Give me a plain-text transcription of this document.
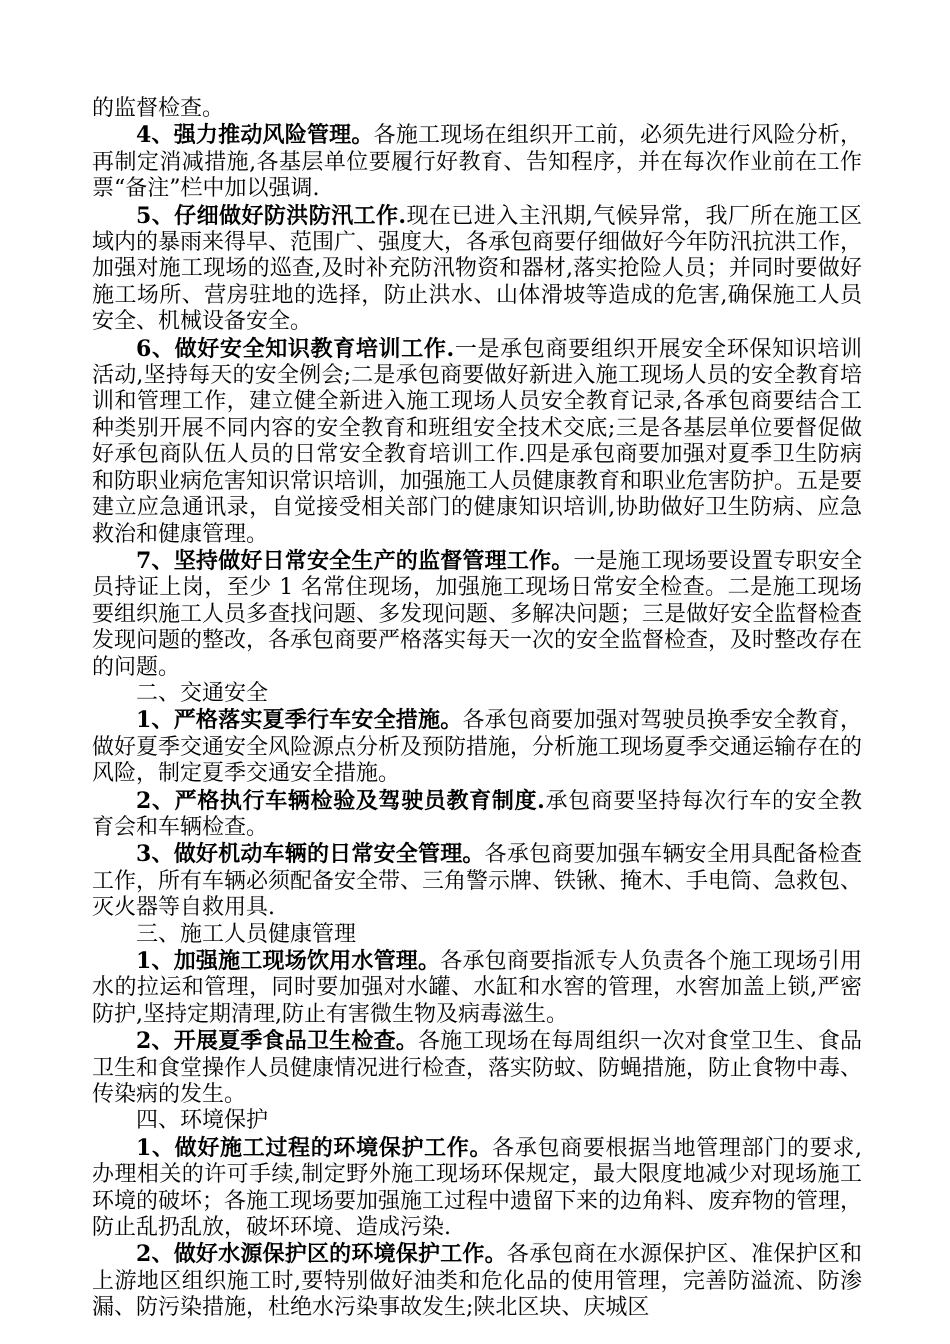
的监督检查。

4、强力推动风险管理。各施工现场在组织开工前，必须先进行风险分析，再制定消减措施,各基层单位要履行好教育、告知程序，并在每次作业前在工作票“备注”栏中加以强调.

5、仔细做好防洪防汛工作.现在已进入主汛期,气候异常，我厂所在施工区域内的暴雨来得早、范围广、强度大，各承包商要仔细做好今年防汛抗洪工作，加强对施工现场的巡查,及时补充防汛物资和器材,落实抢险人员；并同时要做好施工场所、营房驻地的选择，防止洪水、山体滑坡等造成的危害,确保施工人员安全、机械设备安全。

6、做好安全知识教育培训工作.一是承包商要组织开展安全环保知识培训活动,坚持每天的安全例会;二是承包商要做好新进入施工现场人员的安全教育培训和管理工作，建立健全新进入施工现场人员安全教育记录,各承包商要结合工种类别开展不同内容的安全教育和班组安全技术交底;三是各基层单位要督促做好承包商队伍人员的日常安全教育培训工作.四是承包商要加强对夏季卫生防病和防职业病危害知识常识培训，加强施工人员健康教育和职业危害防护。五是要建立应急通讯录，自觉接受相关部门的健康知识培训,协助做好卫生防病、应急救治和健康管理。

7、坚持做好日常安全生产的监督管理工作。一是施工现场要设置专职安全员持证上岗，至少 1 名常住现场，加强施工现场日常安全检查。二是施工现场要组织施工人员多查找问题、多发现问题、多解决问题；三是做好安全监督检查发现问题的整改，各承包商要严格落实每天一次的安全监督检查，及时整改存在的问题。

二、交通安全

1、严格落实夏季行车安全措施。各承包商要加强对驾驶员换季安全教育，做好夏季交通安全风险源点分析及预防措施，分析施工现场夏季交通运输存在的风险，制定夏季交通安全措施。

2、严格执行车辆检验及驾驶员教育制度.承包商要坚持每次行车的安全教育会和车辆检查。

3、做好机动车辆的日常安全管理。各承包商要加强车辆安全用具配备检查工作，所有车辆必须配备安全带、三角警示牌、铁锹、掩木、手电筒、急救包、灭火器等自救用具.

三、施工人员健康管理

1、加强施工现场饮用水管理。各承包商要指派专人负责各个施工现场引用水的拉运和管理，同时要加强对水罐、水缸和水窖的管理，水窖加盖上锁,严密防护,坚持定期清理,防止有害微生物及病毒滋生。

2、开展夏季食品卫生检查。各施工现场在每周组织一次对食堂卫生、食品卫生和食堂操作人员健康情况进行检查，落实防蚊、防蝇措施，防止食物中毒、传染病的发生。

四、环境保护

1、做好施工过程的环境保护工作。各承包商要根据当地管理部门的要求,办理相关的许可手续,制定野外施工现场环保规定，最大限度地减少对现场施工环境的破坏；各施工现场要加强施工过程中遗留下来的边角料、废弃物的管理，防止乱扔乱放，破坏环境、造成污染.

2、做好水源保护区的环境保护工作。各承包商在水源保护区、准保护区和上游地区组织施工时,要特别做好油类和危化品的使用管理，完善防溢流、防渗漏、防污染措施，杜绝水污染事故发生;陕北区块、庆城区
